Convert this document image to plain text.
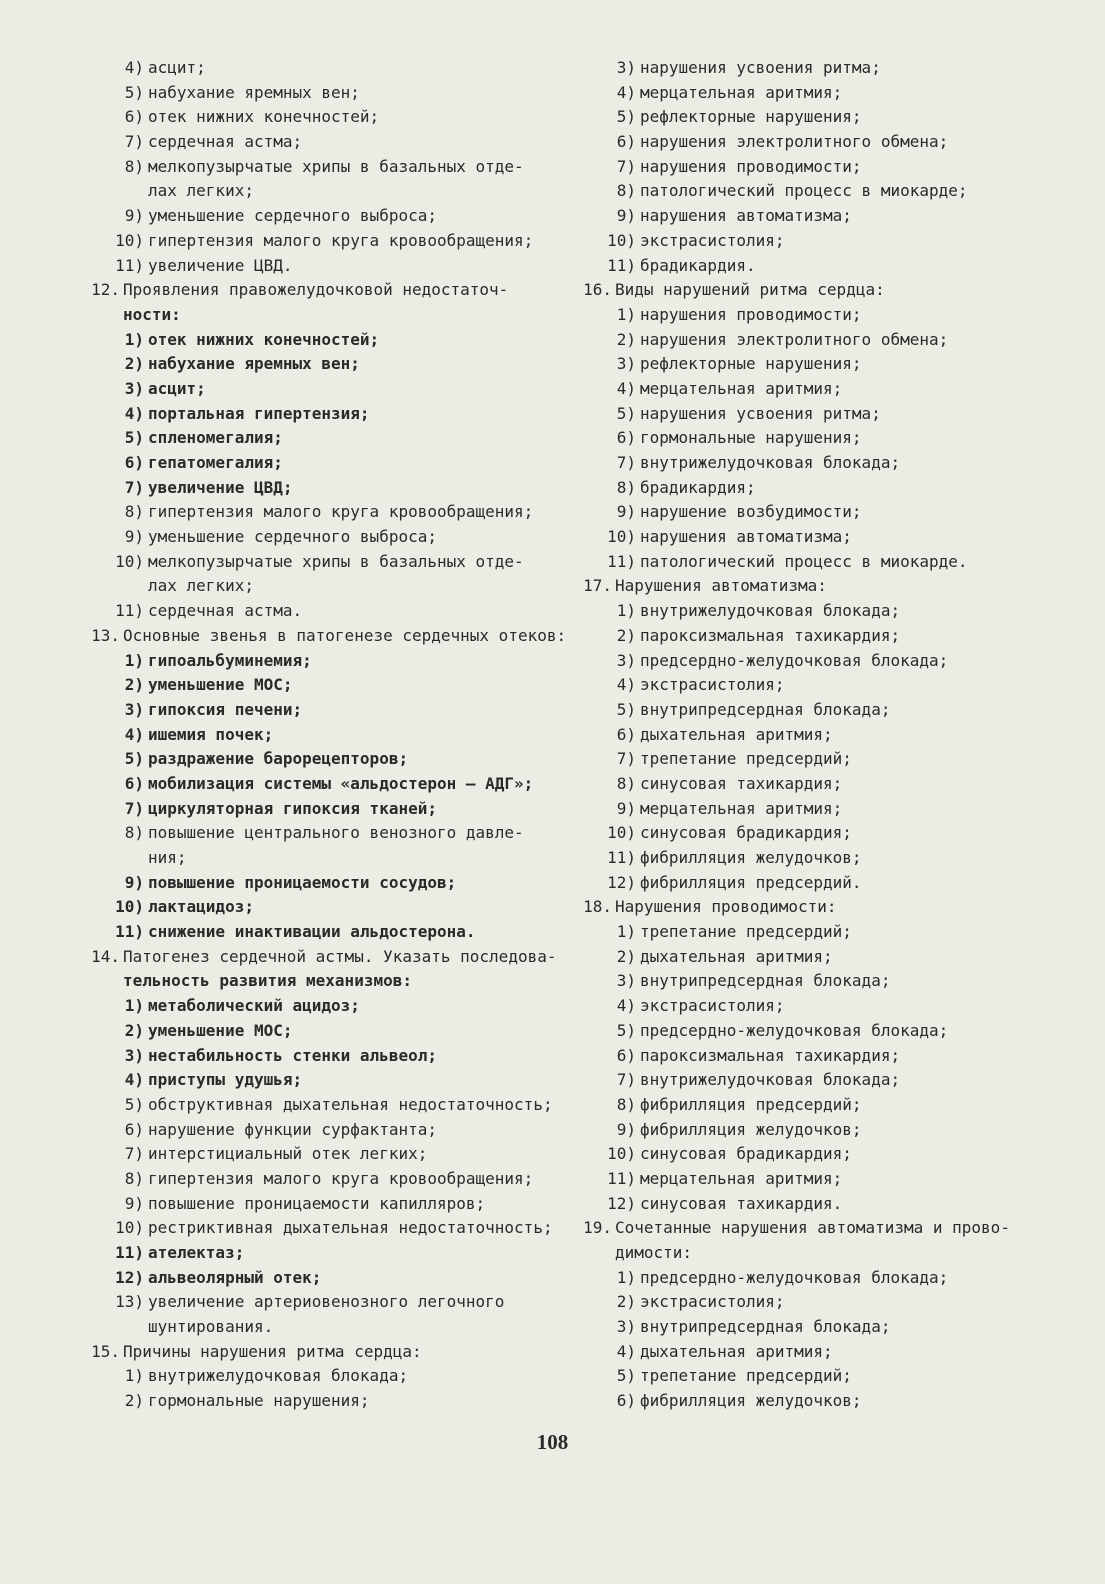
4) асцит;
5) набухание яремных вен;
6) отек нижних конечностей;
7) сердечная астма;
8) мелкопузырчатые хрипы в базальных отде-
лах легких;
9) уменьшение сердечного выброса;
10) гипертензия малого круга кровообращения;
11) увеличение ЦВД.
12. Проявления правожелудочковой недостаточ-
ности:
1) отек нижних конечностей;
2) набухание яремных вен;
3) асцит;
4) портальная гипертензия;
5) спленомегалия;
6) гепатомегалия;
7) увеличение ЦВД;
8) гипертензия малого круга кровообращения;
9) уменьшение сердечного выброса;
10) мелкопузырчатые хрипы в базальных отде-
лах легких;
11) сердечная астма.
13. Основные звенья в патогенезе сердечных отеков:
1) гипоальбуминемия;
2) уменьшение МОС;
3) гипоксия печени;
4) ишемия почек;
5) раздражение барорецепторов;
6) мобилизация системы «альдостерон – АДГ»;
7) циркуляторная гипоксия тканей;
8) повышение центрального венозного давле-
ния;
9) повышение проницаемости сосудов;
10) лактацидоз;
11) снижение инактивации альдостерона.
14. Патогенез сердечной астмы. Указать последова-
тельность развития механизмов:
1) метаболический ацидоз;
2) уменьшение МОС;
3) нестабильность стенки альвеол;
4) приступы удушья;
5) обструктивная дыхательная недостаточность;
6) нарушение функции сурфактанта;
7) интерстициальный отек легких;
8) гипертензия малого круга кровообращения;
9) повышение проницаемости капилляров;
10) рестриктивная дыхательная недостаточность;
11) ателектаз;
12) альвеолярный отек;
13) увеличение артериовенозного легочного
шунтирования.
15. Причины нарушения ритма сердца:
1) внутрижелудочковая блокада;
2) гормональные нарушения;
3) нарушения усвоения ритма;
4) мерцательная аритмия;
5) рефлекторные нарушения;
6) нарушения электролитного обмена;
7) нарушения проводимости;
8) патологический процесс в миокарде;
9) нарушения автоматизма;
10) экстрасистолия;
11) брадикардия.
16. Виды нарушений ритма сердца:
1) нарушения проводимости;
2) нарушения электролитного обмена;
3) рефлекторные нарушения;
4) мерцательная аритмия;
5) нарушения усвоения ритма;
6) гормональные нарушения;
7) внутрижелудочковая блокада;
8) брадикардия;
9) нарушение возбудимости;
10) нарушения автоматизма;
11) патологический процесс в миокарде.
17. Нарушения автоматизма:
1) внутрижелудочковая блокада;
2) пароксизмальная тахикардия;
3) предсердно-желудочковая блокада;
4) экстрасистолия;
5) внутрипредсердная блокада;
6) дыхательная аритмия;
7) трепетание предсердий;
8) синусовая тахикардия;
9) мерцательная аритмия;
10) синусовая брадикардия;
11) фибрилляция желудочков;
12) фибрилляция предсердий.
18. Нарушения проводимости:
1) трепетание предсердий;
2) дыхательная аритмия;
3) внутрипредсердная блокада;
4) экстрасистолия;
5) предсердно-желудочковая блокада;
6) пароксизмальная тахикардия;
7) внутрижелудочковая блокада;
8) фибрилляция предсердий;
9) фибрилляция желудочков;
10) синусовая брадикардия;
11) мерцательная аритмия;
12) синусовая тахикардия.
19. Сочетанные нарушения автоматизма и прово-
димости:
1) предсердно-желудочковая блокада;
2) экстрасистолия;
3) внутрипредсердная блокада;
4) дыхательная аритмия;
5) трепетание предсердий;
6) фибрилляция желудочков;
108
